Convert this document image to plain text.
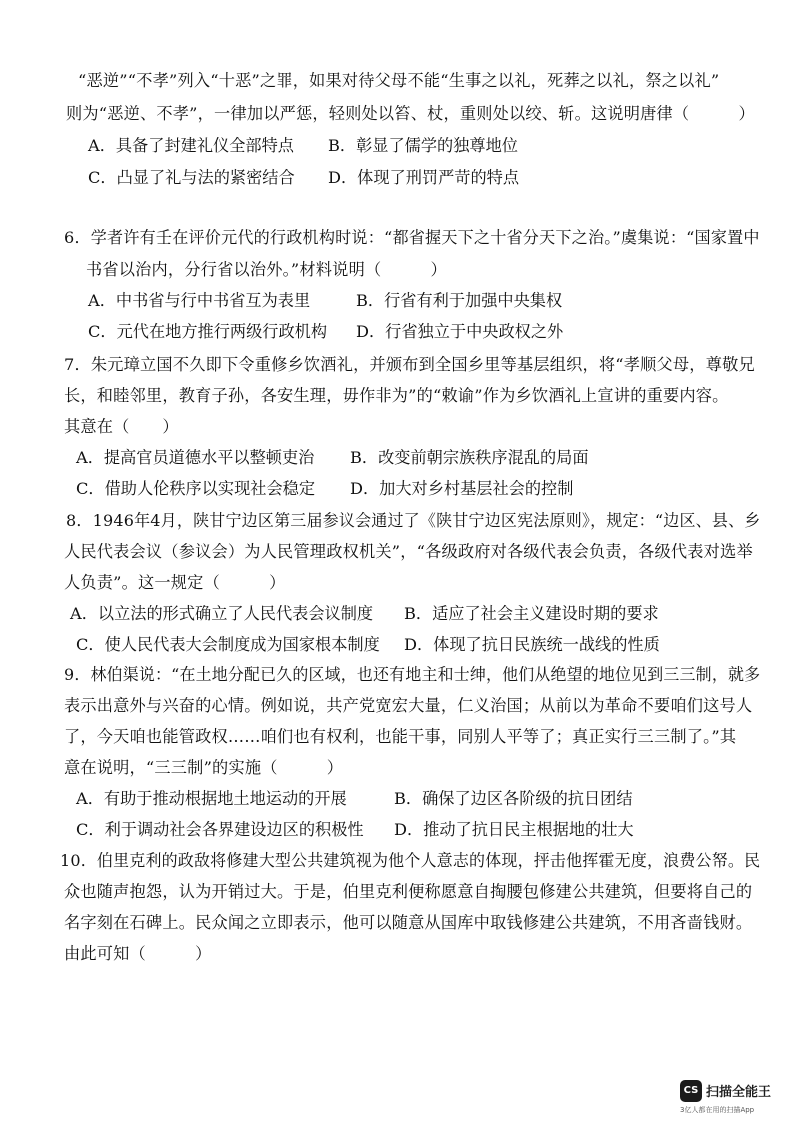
“恶逆”“不孝”列入“十恶”之罪，如果对待父母不能“生事之以礼，死葬之以礼，祭之以礼”
则为“恶逆、不孝”，一律加以严惩，轻则处以笞、杖，重则处以绞、斩。这说明唐律（　　　）
A．具备了封建礼仪全部特点 B．彰显了儒学的独尊地位
C．凸显了礼与法的紧密结合 D．体现了刑罚严苛的特点
6．学者许有壬在评价元代的行政机构时说：“都省握天下之十省分天下之治。”虞集说：“国家置中
书省以治内，分行省以治外。”材料说明（　　　）
A．中书省与行中书省互为表里	B．行省有利于加强中央集权
C．元代在地方推行两级行政机构 D．行省独立于中央政权之外
7．朱元璋立国不久即下令重修乡饮酒礼，并颁布到全国乡里等基层组织，将“孝顺父母，尊敬兄
长，和睦邻里，教育子孙，各安生理，毋作非为”的“敕谕”作为乡饮酒礼上宣讲的重要内容。
其意在（　　）
A．提高官员道德水平以整顿吏治 B．改变前朝宗族秩序混乱的局面
C．借助人伦秩序以实现社会稳定 D．加大对乡村基层社会的控制
8．1946年4月，陕甘宁边区第三届参议会通过了《陕甘宁边区宪法原则》，规定：“边区、县、乡
人民代表会议（参议会）为人民管理政权机关”，“各级政府对各级代表会负责，各级代表对选举
人负责”。这一规定（　　　）
A．以立法的形式确立了人民代表会议制度 B．适应了社会主义建设时期的要求
C．使人民代表大会制度成为国家根本制度 D．体现了抗日民族统一战线的性质
9．林伯渠说：“在土地分配已久的区域，也还有地主和士绅，他们从绝望的地位见到三三制，就多
表示出意外与兴奋的心情。例如说，共产党宽宏大量，仁义治国；从前以为革命不要咱们这号人
了，今天咱也能管政权……咱们也有权利，也能干事，同别人平等了；真正实行三三制了。”其
意在说明，“三三制”的实施（　　　）
A．有助于推动根据地土地运动的开展	B．确保了边区各阶级的抗日团结
C．利于调动社会各界建设边区的积极性 D．推动了抗日民主根据地的壮大
10．伯里克利的政敌将修建大型公共建筑视为他个人意志的体现，抨击他挥霍无度，浪费公帑。民
众也随声抱怨，认为开销过大。于是，伯里克利便称愿意自掏腰包修建公共建筑，但要将自己的
名字刻在石碑上。民众闻之立即表示，他可以随意从国库中取钱修建公共建筑，不用吝啬钱财。
由此可知（　　　）
CS 扫描全能王
3亿人都在用的扫描App
